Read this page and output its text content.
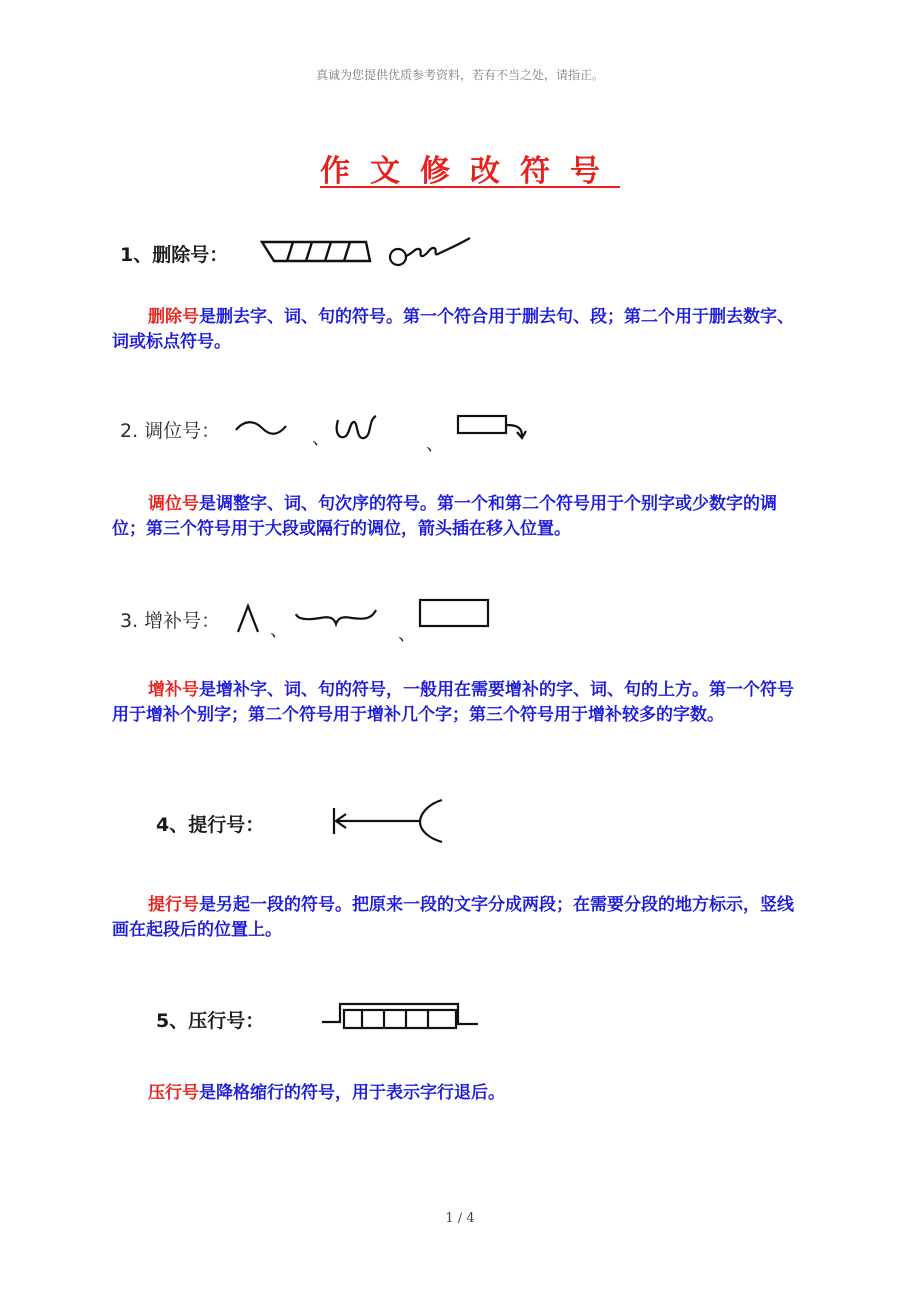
真诚为您提供优质参考资料，若有不当之处，请指正。
作文修改符号
1、删除号：
删除号是删去字、词、句的符号。第一个符合用于删去句、段；第二个用于删去数字、词或标点符号。
2. 调位号：	、	、
调位号是调整字、词、句次序的符号。第一个和第二个符号用于个别字或少数字的调位；第三个符号用于大段或隔行的调位，箭头插在移入位置。
3. 增补号：	、	、
增补号是增补字、词、句的符号，一般用在需要增补的字、词、句的上方。第一个符号用于增补个别字；第二个符号用于增补几个字；第三个符号用于增补较多的字数。
4、提行号：
提行号是另起一段的符号。把原来一段的文字分成两段；在需要分段的地方标示，竖线画在起段后的位置上。
5、压行号：
压行号是降格缩行的符号，用于表示字行退后。
1 / 4
